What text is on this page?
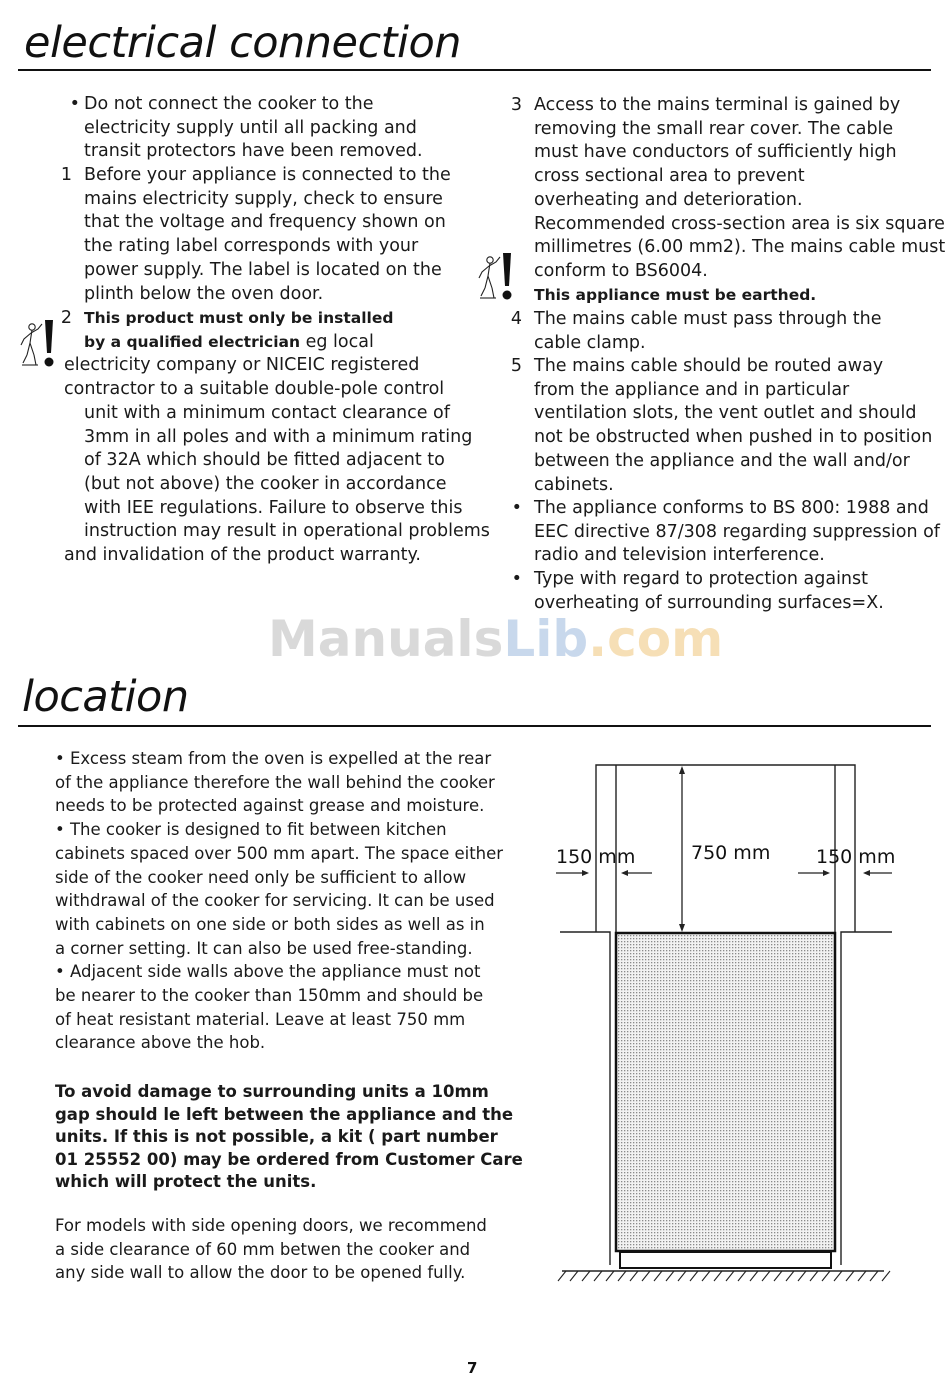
electrical connection
• Do not connect the cooker to the
electricity supply until all packing and
transit protectors have been removed.
1 Before your appliance is connected to the
mains electricity supply, check to ensure
that the voltage and frequency shown on
the rating label corresponds with your
power supply. The label is located on the
plinth below the oven door.
2 This product must only be installed
by a qualified electrician eg local
electricity company or NICEIC registered
contractor to a suitable double-pole control
unit with a minimum contact clearance of
3mm in all poles and with a minimum rating
of 32A which should be fitted adjacent to
(but not above) the cooker in accordance
with IEE regulations. Failure to observe this
instruction may result in operational problems
and invalidation of the product warranty.
3 Access to the mains terminal is gained by
removing the small rear cover. The cable
must have conductors of sufficiently high
cross sectional area to prevent
overheating and deterioration.
Recommended cross-section area is six square
millimetres (6.00 mm2). The mains cable must
conform to BS6004.
This appliance must be earthed.
4 The mains cable must pass through the
cable clamp.
5 The mains cable should be routed away
from the appliance and in particular
ventilation slots, the vent outlet and should
not be obstructed when pushed in to position
between the appliance and the wall and/or
cabinets.
• The appliance conforms to BS 800: 1988 and
EEC directive 87/308 regarding suppression of
radio and television interference.
• Type with regard to protection against
overheating of surrounding surfaces=X.
ManualsLib.com
location
• Excess steam from the oven is expelled at the rear
of the appliance therefore the wall behind the cooker
needs to be protected against grease and moisture.
• The cooker is designed to fit between kitchen
cabinets spaced over 500 mm apart. The space either
side of the cooker need only be sufficient to allow
withdrawal of the cooker for servicing. It can be used
with cabinets on one side or both sides as well as in
a corner setting. It can also be used free-standing.
• Adjacent side walls above the appliance must not
be nearer to the cooker than 150mm and should be
of heat resistant material. Leave at least 750 mm
clearance above the hob.
To avoid damage to surrounding units a 10mm
gap should le left between the appliance and the
units. If this is not possible, a kit ( part number
01 25552 00) may be ordered from Customer Care
which will protect the units.
For models with side opening doors, we recommend
a side clearance of 60 mm betwen the cooker and
any side wall to allow the door to be opened fully.
150 mm	750 mm 150 mm
7
